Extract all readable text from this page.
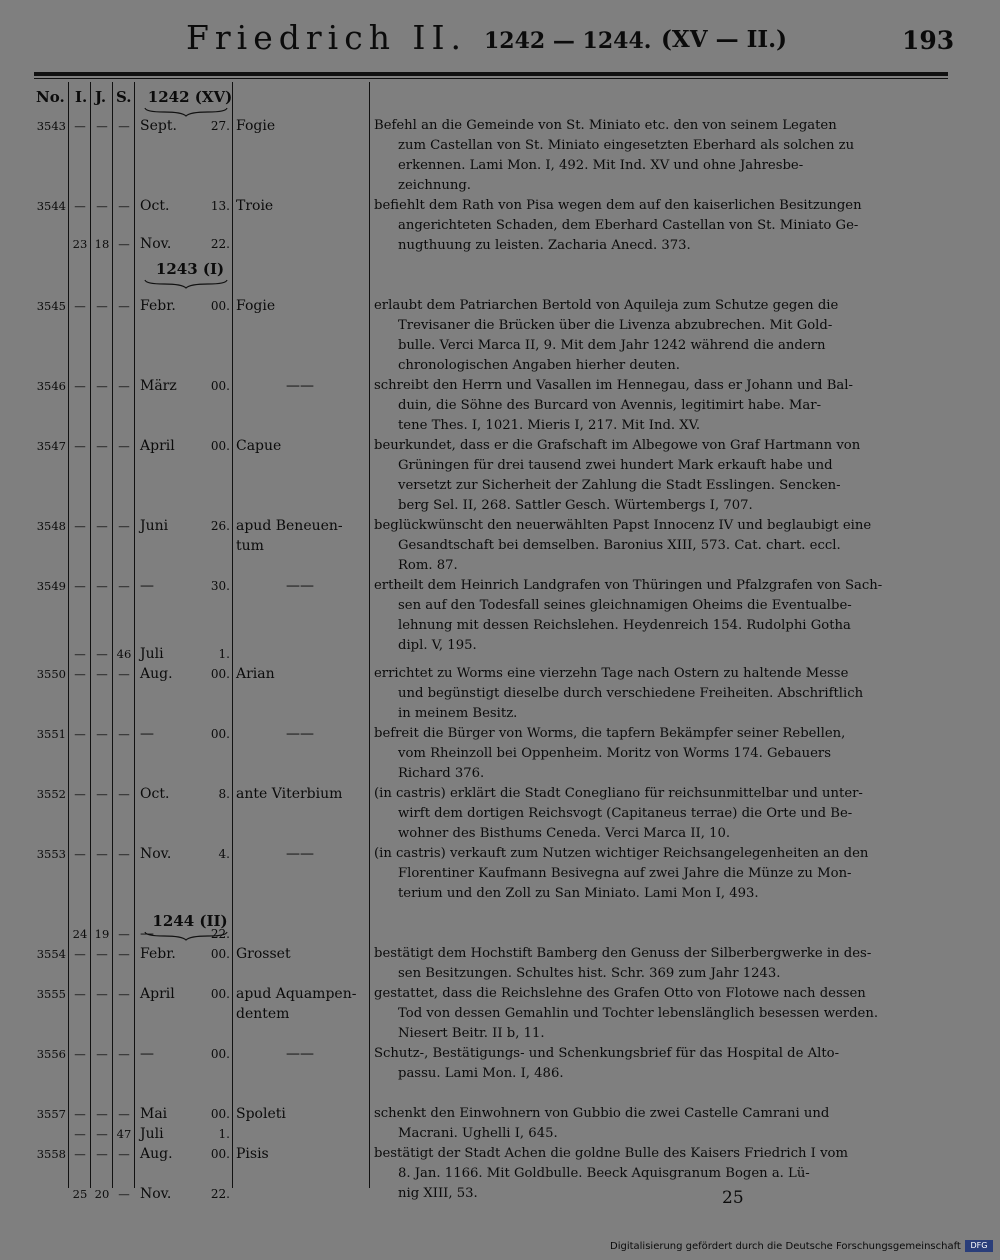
Friedrich II. 1242 — 1244. (XV — II.)	193
No. I. J. S.	1242 (XV)
1243 (I)
1244 (II)
3543 — — — Sept.	27. Fogie	Befehl an die Gemeinde von St. Miniato etc. den von seinem Legaten
zum Castellan von St. Miniato eingesetzten Eberhard als solchen zu
erkennen. Lami Mon. I, 492. Mit Ind. XV und ohne Jahresbe-
zeichnung.
3544 — — — Oct.	13. Troie	befiehlt dem Rath von Pisa wegen dem auf den kaiserlichen Besitzungen
angerichteten Schaden, dem Eberhard Castellan von St. Miniato Ge-
nugthuung zu leisten. Zacharia Anecd. 373.
23 18 — Nov.	22.
3545 — — — Febr.	00. Fogie	erlaubt dem Patriarchen Bertold von Aquileja zum Schutze gegen die
Trevisaner die Brücken über die Livenza abzubrechen. Mit Gold-
bulle. Verci Marca II, 9. Mit dem Jahr 1242 während die andern
chronologischen Angaben hierher deuten.
3546 — — — März	00.	——	schreibt den Herrn und Vasallen im Hennegau, dass er Johann und Bal-
duin, die Söhne des Burcard von Avennis, legitimirt habe. Mar-
tene Thes. I, 1021. Mieris I, 217. Mit Ind. XV.
3547 — — — April	00. Capue	beurkundet, dass er die Grafschaft im Albegowe von Graf Hartmann von
Grüningen für drei tausend zwei hundert Mark erkauft habe und
versetzt zur Sicherheit der Zahlung die Stadt Esslingen. Sencken-
berg Sel. II, 268. Sattler Gesch. Würtembergs I, 707.
3548 — — — Juni	26. apud Beneuen- tum
beglückwünscht den neuerwählten Papst Innocenz IV und beglaubigt eine
Gesandtschaft bei demselben. Baronius XIII, 573. Cat. chart. eccl.
Rom. 87.
3549 — — — —	30.	——	ertheilt dem Heinrich Landgrafen von Thüringen und Pfalzgrafen von Sach-
sen auf den Todesfall seines gleichnamigen Oheims die Eventualbe-
lehnung mit dessen Reichslehen. Heydenreich 154. Rudolphi Gotha
dipl. V, 195.
— — 46 Juli	1.
3550 — — — Aug.	00. Arian	errichtet zu Worms eine vierzehn Tage nach Ostern zu haltende Messe
und begünstigt dieselbe durch verschiedene Freiheiten. Abschriftlich
in meinem Besitz.
3551 — — — —	00.	——	befreit die Bürger von Worms, die tapfern Bekämpfer seiner Rebellen,
vom Rheinzoll bei Oppenheim. Moritz von Worms 174. Gebauers
Richard 376.
3552 — — — Oct.	8. ante Viterbium	(in castris) erklärt die Stadt Conegliano für reichsunmittelbar und unter-
wirft dem dortigen Reichsvogt (Capitaneus terrae) die Orte und Be-
wohner des Bisthums Ceneda. Verci Marca II, 10.
3553 — — — Nov.	4.	——	(in castris) verkauft zum Nutzen wichtiger Reichsangelegenheiten an den
Florentiner Kaufmann Besivegna auf zwei Jahre die Münze zu Mon-
terium und den Zoll zu San Miniato. Lami Mon I, 493.
24 19 — —	22.
3554 — — — Febr.	00. Grosset	bestätigt dem Hochstift Bamberg den Genuss der Silberbergwerke in des-
sen Besitzungen. Schultes hist. Schr. 369 zum Jahr 1243.
3555 — — — April	00. apud Aquampen- dentem
gestattet, dass die Reichslehne des Grafen Otto von Flotowe nach dessen
Tod von dessen Gemahlin und Tochter lebenslänglich besessen werden.
Niesert Beitr. II b, 11.
3556 — — — —	00.	——	Schutz-, Bestätigungs- und Schenkungsbrief für das Hospital de Alto-
passu. Lami Mon. I, 486.
3557 — — — Mai	00. Spoleti	schenkt den Einwohnern von Gubbio die zwei Castelle Camrani und
Macrani. Ughelli I, 645.
— — 47 Juli	1.
3558 — — — Aug.	00. Pisis	bestätigt der Stadt Achen die goldne Bulle des Kaisers Friedrich I vom
8. Jan. 1166. Mit Goldbulle. Beeck Aquisgranum Bogen a. Lü-
nig XIII, 53.
25 20 — Nov.	22.	25
Digitalisierung gefördert durch die Deutsche Forschungsgemeinschaft	DFG
